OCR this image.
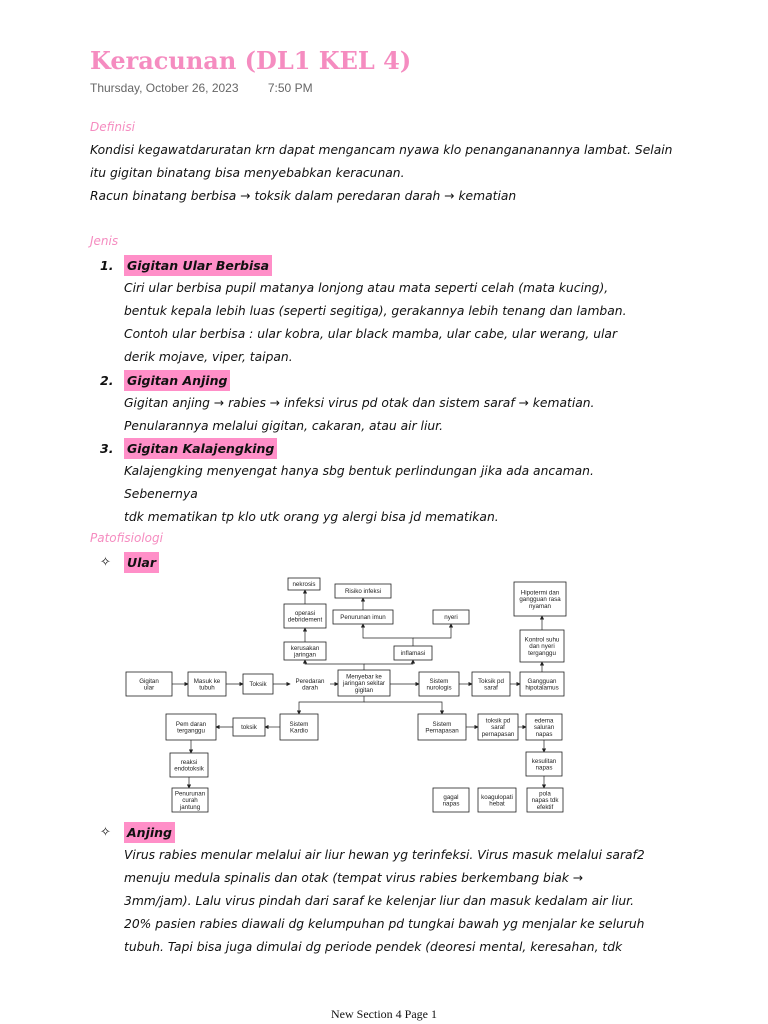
Keracunan (DL1 KEL 4)
Thursday, October 26, 2023 7:50 PM
Definisi
Kondisi kegawatdaruratan krn dapat mengancam nyawa klo penangananannya lambat. Selain
itu gigitan binatang bisa menyebabkan keracunan.
Racun binatang berbisa → toksik dalam peredaran darah → kematian
Jenis
1.	Gigitan Ular Berbisa
Ciri ular berbisa pupil matanya lonjong atau mata seperti celah (mata kucing),
bentuk kepala lebih luas (seperti segitiga), gerakannya lebih tenang dan lamban.
Contoh ular berbisa : ular kobra, ular black mamba, ular cabe, ular werang, ular
derik mojave, viper, taipan.
2.	Gigitan Anjing
Gigitan anjing → rabies → infeksi virus pd otak dan sistem saraf → kematian.
Penularannya melalui gigitan, cakaran, atau air liur.
3.	Gigitan Kalajengking
Kalajengking menyengat hanya sbg bentuk perlindungan jika ada ancaman. Sebenernya
tdk mematikan tp klo utk orang yg alergi bisa jd mematikan.
Patofisiologi
✧	Ular
nekrosis
Risiko infeksi	Hipotermi dan
gangguan rasa
nyaman
operasi
debridement	Penurunan imun	nyeri
Kontrol suhu
dan nyeri
terganggu
kerusakan
jaringan	inflamasi
Gigitan
ular
Masuk ke
tubuh	Toksik	Peredaran
darah
Menyebar ke
jaringan sekitar
gigitan
Sistem
nurologis
Toksik pd
saraf
Gangguan
hipotalamus
Pem daran
terganggu	toksik	Sistem
Kardio
Sistem
Pernapasan
toksik pd
saraf
pernapasan
edema
saluran
napas
reaksi
endotoksik
kesulitan
napas
Penurunan
curah
jantung
gagal
napas
koagulopati
hebat
pola
napas tdk
efektif
✧	Anjing
Virus rabies menular melalui air liur hewan yg terinfeksi. Virus masuk melalui saraf2
menuju medula spinalis dan otak (tempat virus rabies berkembang biak →
3mm/jam). Lalu virus pindah dari saraf ke kelenjar liur dan masuk kedalam air liur.
20% pasien rabies diawali dg kelumpuhan pd tungkai bawah yg menjalar ke seluruh
tubuh. Tapi bisa juga dimulai dg periode pendek (deoresi mental, keresahan, tdk
New Section 4 Page 1
